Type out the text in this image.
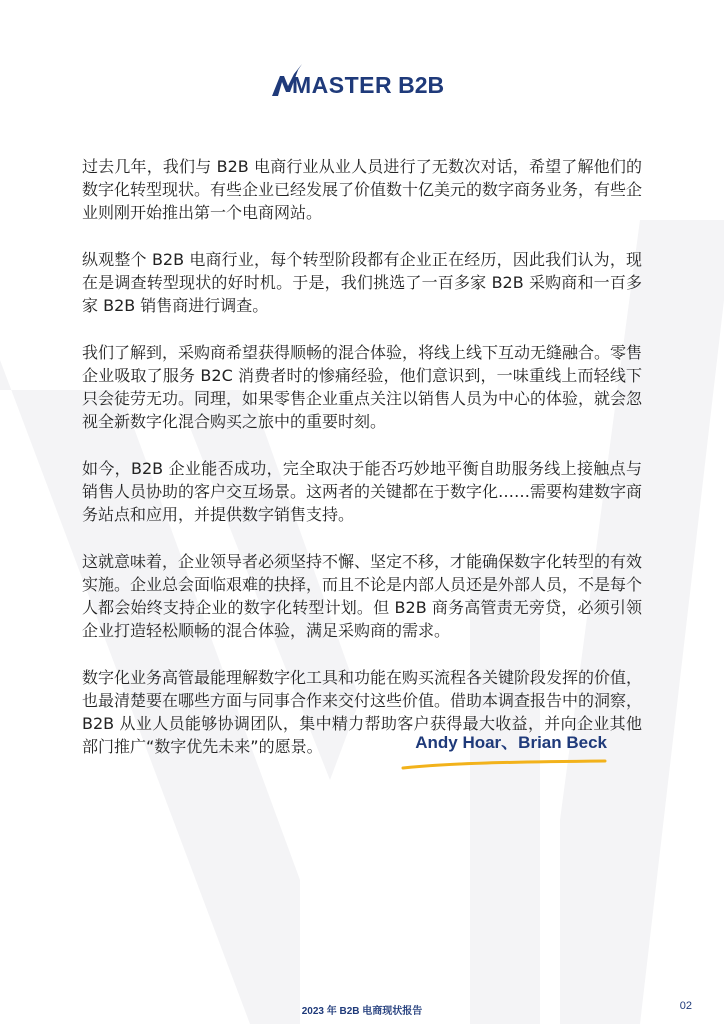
MASTER B2B

过去几年，我们与 B2B 电商行业从业人员进行了无数次对话，希望了解他们的数字化转型现状。有些企业已经发展了价值数十亿美元的数字商务业务，有些企业则刚开始推出第一个电商网站。

纵观整个 B2B 电商行业，每个转型阶段都有企业正在经历，因此我们认为，现在是调查转型现状的好时机。于是，我们挑选了一百多家 B2B 采购商和一百多家 B2B 销售商进行调查。

我们了解到，采购商希望获得顺畅的混合体验，将线上线下互动无缝融合。零售企业吸取了服务 B2C 消费者时的惨痛经验，他们意识到，一味重线上而轻线下只会徒劳无功。同理，如果零售企业重点关注以销售人员为中心的体验，就会忽视全新数字化混合购买之旅中的重要时刻。

如今，B2B 企业能否成功，完全取决于能否巧妙地平衡自助服务线上接触点与销售人员协助的客户交互场景。这两者的关键都在于数字化……需要构建数字商务站点和应用，并提供数字销售支持。

这就意味着，企业领导者必须坚持不懈、坚定不移，才能确保数字化转型的有效实施。企业总会面临艰难的抉择，而且不论是内部人员还是外部人员，不是每个人都会始终支持企业的数字化转型计划。但 B2B 商务高管责无旁贷，必须引领企业打造轻松顺畅的混合体验，满足采购商的需求。

数字化业务高管最能理解数字化工具和功能在购买流程各关键阶段发挥的价值，也最清楚要在哪些方面与同事合作来交付这些价值。借助本调查报告中的洞察，B2B 从业人员能够协调团队，集中精力帮助客户获得最大收益，并向企业其他部门推广“数字优先未来”的愿景。	Andy Hoar、Brian Beck
2023 年 B2B 电商现状报告	02
